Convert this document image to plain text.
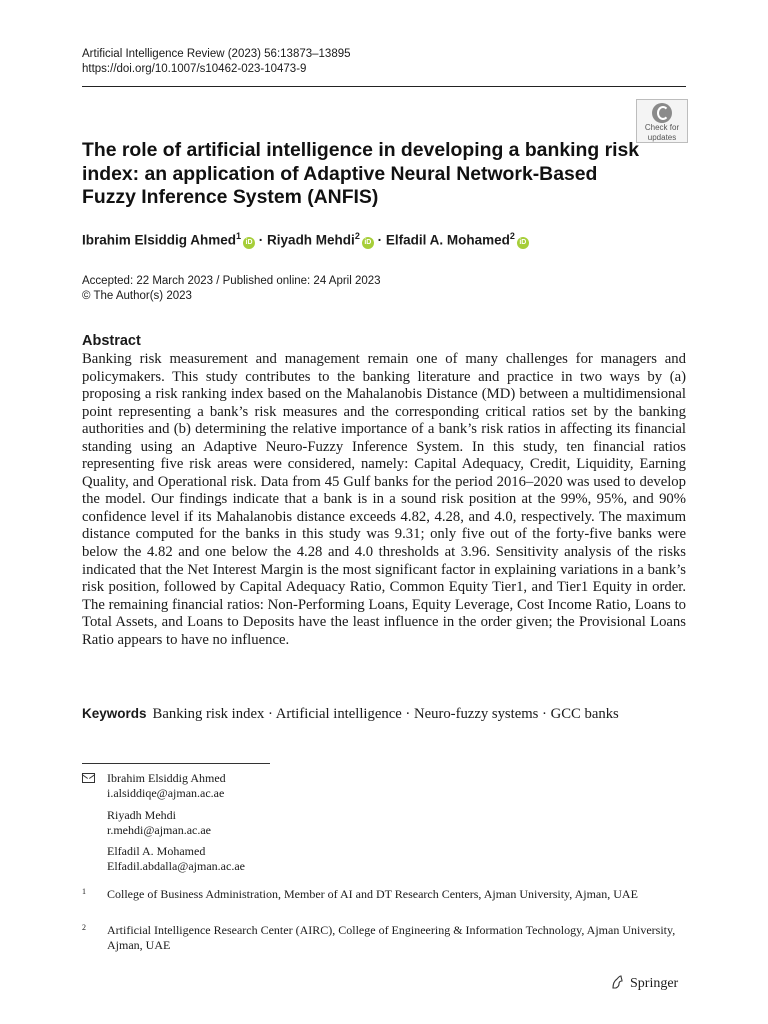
Artificial Intelligence Review (2023) 56:13873–13895
https://doi.org/10.1007/s10462-023-10473-9
Check for
updates
The role of artificial intelligence in developing a banking risk index: an application of Adaptive Neural Network-Based Fuzzy Inference System (ANFIS)
Ibrahim Elsiddig Ahmed$^1$iD · Riyadh Mehdi$^2$iD · Elfadil A. Mohamed$^2$iD
Accepted: 22 March 2023 / Published online: 24 April 2023
© The Author(s) 2023
Abstract

Banking risk measurement and management remain one of many challenges for managers and policymakers. This study contributes to the banking literature and practice in two ways by (a) proposing a risk ranking index based on the Mahalanobis Distance (MD) between a multidimensional point representing a bank’s risk measures and the corresponding critical ratios set by the banking authorities and (b) determining the relative importance of a bank’s risk ratios in affecting its financial standing using an Adaptive Neuro-Fuzzy Inference System. In this study, ten financial ratios representing five risk areas were considered, namely: Capital Adequacy, Credit, Liquidity, Earning Quality, and Operational risk. Data from 45 Gulf banks for the period 2016–2020 was used to develop the model. Our findings indicate that a bank is in a sound risk position at the 99%, 95%, and 90% confidence level if its Mahalanobis distance exceeds 4.82, 4.28, and 4.0, respectively. The maximum distance computed for the banks in this study was 9.31; only five out of the forty-five banks were below the 4.82 and one below the 4.28 and 4.0 thresholds at 3.96. Sensitivity analysis of the risks indicated that the Net Interest Margin is the most significant factor in explaining variations in a bank’s risk position, followed by Capital Adequacy Ratio, Common Equity Tier1, and Tier1 Equity in order. The remaining financial ratios: Non-Performing Loans, Equity Leverage, Cost Income Ratio, Loans to Total Assets, and Loans to Deposits have the least influence in the order given; the Provisional Loans Ratio appears to have no influence.

Keywords Banking risk index · Artificial intelligence · Neuro-fuzzy systems · GCC banks
Ibrahim Elsiddig Ahmed
i.alsiddiqe@ajman.ac.ae
Riyadh Mehdi
r.mehdi@ajman.ac.ae
Elfadil A. Mohamed
Elfadil.abdalla@ajman.ac.ae
1 College of Business Administration, Member of AI and DT Research Centers, Ajman University, Ajman, UAE
2 Artificial Intelligence Research Center (AIRC), College of Engineering & Information Technology, Ajman University, Ajman, UAE
Springer
